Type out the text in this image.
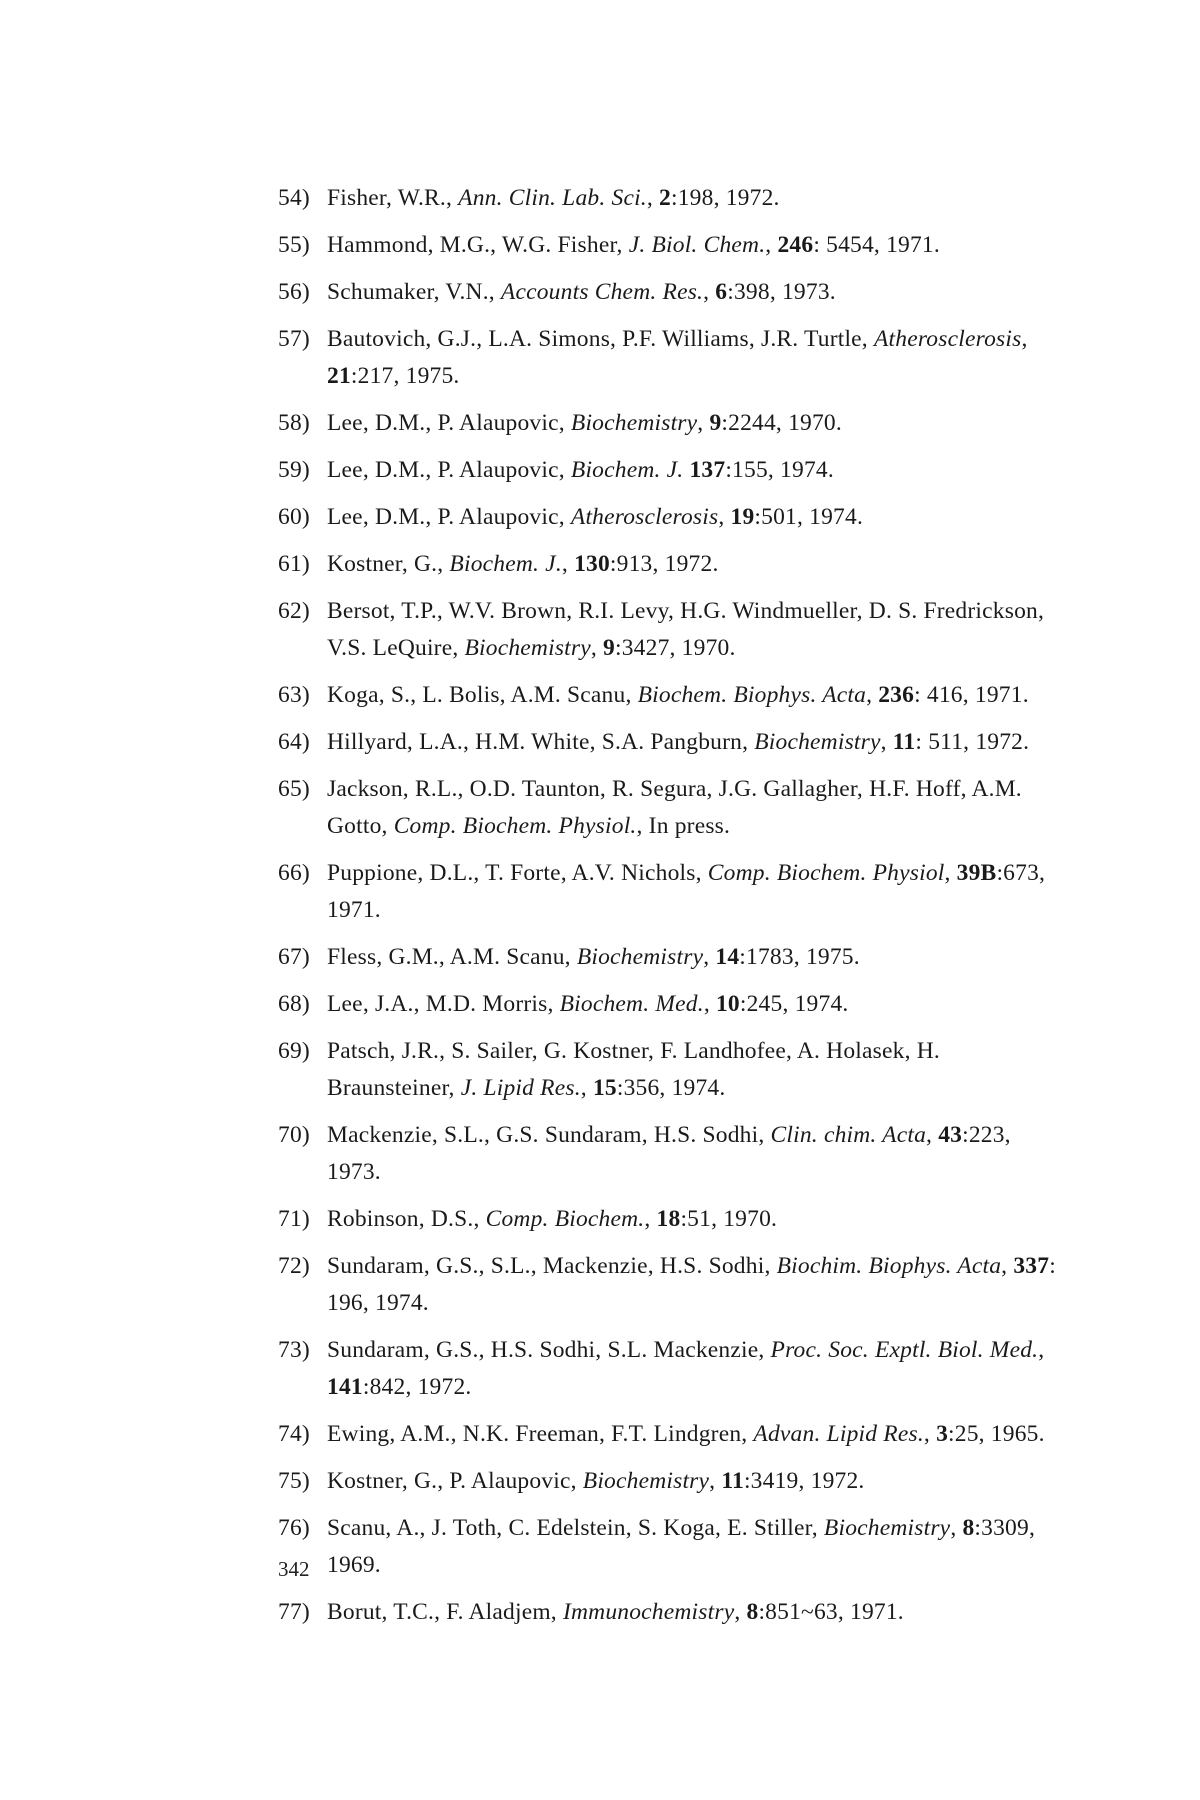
54) Fisher, W.R., Ann. Clin. Lab. Sci., 2:198, 1972.
55) Hammond, M.G., W.G. Fisher, J. Biol. Chem., 246: 5454, 1971.
56) Schumaker, V.N., Accounts Chem. Res., 6:398, 1973.
57) Bautovich, G.J., L.A. Simons, P.F. Williams, J.R. Turtle, Atherosclerosis, 21:217, 1975.
58) Lee, D.M., P. Alaupovic, Biochemistry, 9:2244, 1970.
59) Lee, D.M., P. Alaupovic, Biochem. J. 137:155, 1974.
60) Lee, D.M., P. Alaupovic, Atherosclerosis, 19:501, 1974.
61) Kostner, G., Biochem. J., 130:913, 1972.
62) Bersot, T.P., W.V. Brown, R.I. Levy, H.G. Windmueller, D. S. Fredrickson, V.S. LeQuire, Biochemistry, 9:3427, 1970.
63) Koga, S., L. Bolis, A.M. Scanu, Biochem. Biophys. Acta, 236: 416, 1971.
64) Hillyard, L.A., H.M. White, S.A. Pangburn, Biochemistry, 11: 511, 1972.
65) Jackson, R.L., O.D. Taunton, R. Segura, J.G. Gallagher, H.F. Hoff, A.M. Gotto, Comp. Biochem. Physiol., In press.
66) Puppione, D.L., T. Forte, A.V. Nichols, Comp. Biochem. Physiol, 39B:673, 1971.
67) Fless, G.M., A.M. Scanu, Biochemistry, 14:1783, 1975.
68) Lee, J.A., M.D. Morris, Biochem. Med., 10:245, 1974.
69) Patsch, J.R., S. Sailer, G. Kostner, F. Landhofee, A. Holasek, H. Braunsteiner, J. Lipid Res., 15:356, 1974.
70) Mackenzie, S.L., G.S. Sundaram, H.S. Sodhi, Clin. chim. Acta, 43:223, 1973.
71) Robinson, D.S., Comp. Biochem., 18:51, 1970.
72) Sundaram, G.S., S.L., Mackenzie, H.S. Sodhi, Biochim. Biophys. Acta, 337: 196, 1974.
73) Sundaram, G.S., H.S. Sodhi, S.L. Mackenzie, Proc. Soc. Exptl. Biol. Med., 141:842, 1972.
74) Ewing, A.M., N.K. Freeman, F.T. Lindgren, Advan. Lipid Res., 3:25, 1965.
75) Kostner, G., P. Alaupovic, Biochemistry, 11:3419, 1972.
76) Scanu, A., J. Toth, C. Edelstein, S. Koga, E. Stiller, Biochemistry, 8:3309, 1969.
77) Borut, T.C., F. Aladjem, Immunochemistry, 8:851~63, 1971.
342
